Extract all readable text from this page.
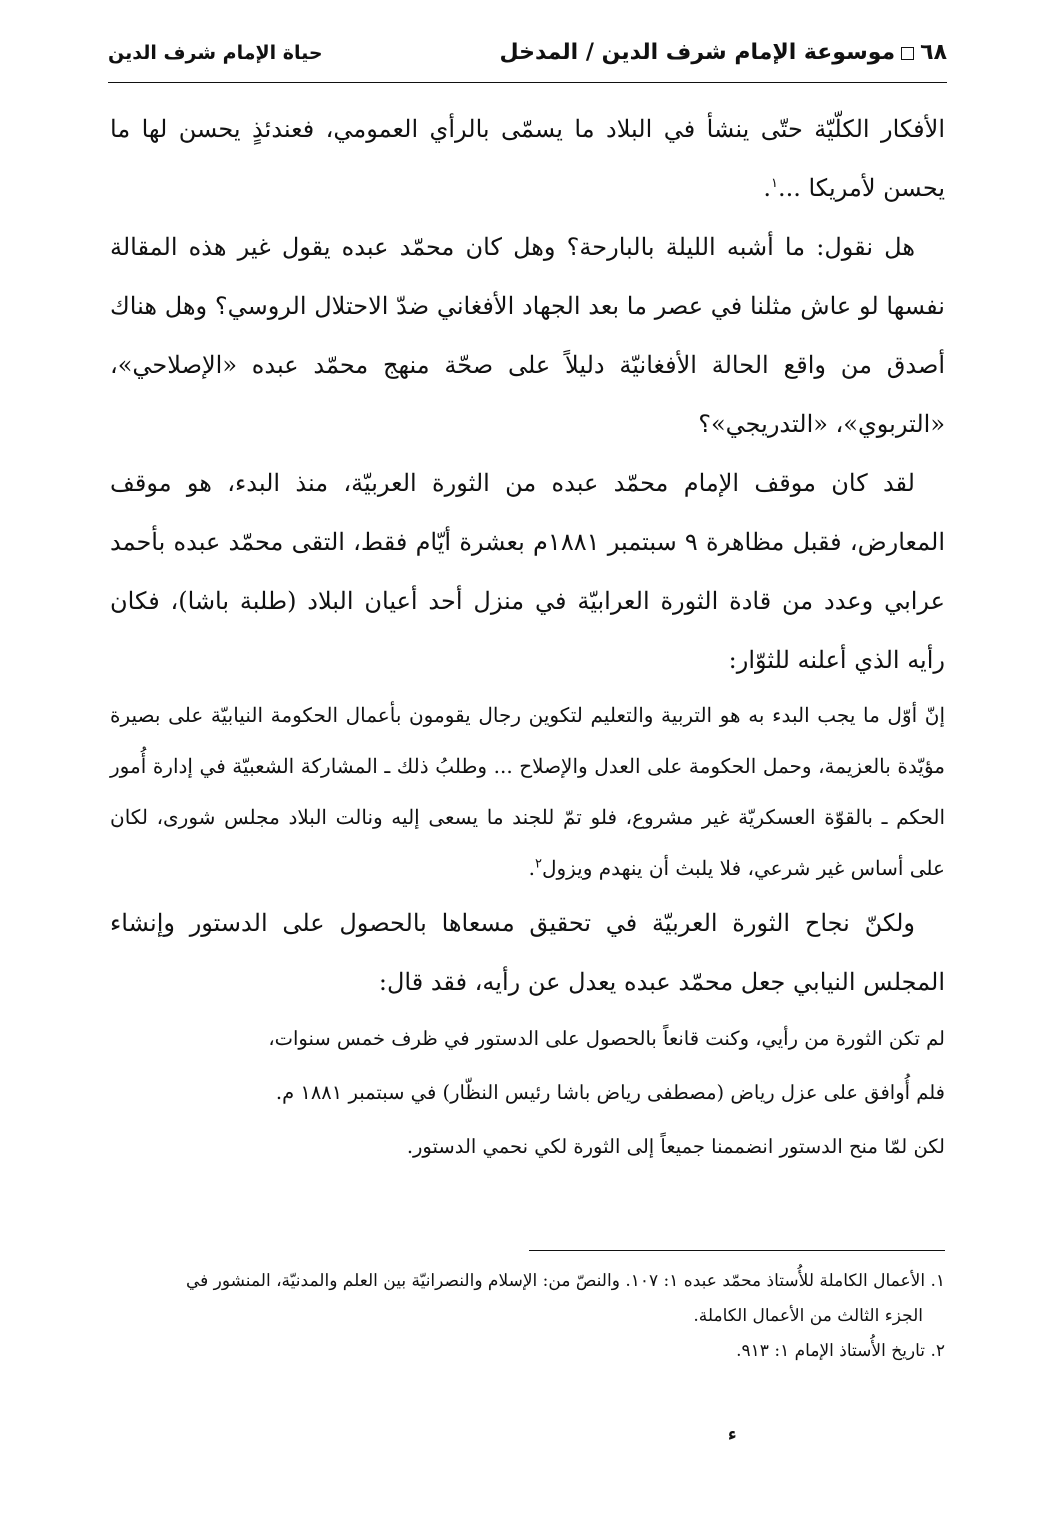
٦٨موسوعة الإمام شرف الدين / المدخل
حياة الإمام شرف الدين

الأفكار الكلّيّة حتّى ينشأ في البلاد ما يسمّى بالرأي العمومي، فعندئذٍ يحسن لها ما يحسن لأمريكا ...$^١$.

هل نقول: ما أشبه الليلة بالبارحة؟ وهل كان محمّد عبده يقول غير هذه المقالة نفسها لو عاش مثلنا في عصر ما بعد الجهاد الأفغاني ضدّ الاحتلال الروسي؟ وهل هناك أصدق من واقع الحالة الأفغانيّة دليلاً على صحّة منهج محمّد عبده «الإصلاحي»، «التربوي»، «التدريجي»؟

لقد كان موقف الإمام محمّد عبده من الثورة العربيّة، منذ البدء، هو موقف المعارض، فقبل مظاهرة ٩ سبتمبر ١٨٨١م بعشرة أيّام فقط، التقى محمّد عبده بأحمد عرابي وعدد من قادة الثورة العرابيّة في منزل أحد أعيان البلاد (طلبة باشا)، فكان رأيه الذي أعلنه للثوّار:

إنّ أوّل ما يجب البدء به هو التربية والتعليم لتكوين رجال يقومون بأعمال الحكومة النيابيّة على بصيرة مؤيّدة بالعزيمة، وحمل الحكومة على العدل والإصلاح ... وطلبُ ذلك ـ المشاركة الشعبيّة في إدارة أُمور الحكم ـ بالقوّة العسكريّة غير مشروع، فلو تمّ للجند ما يسعى إليه ونالت البلاد مجلس شورى، لكان على أساس غير شرعي، فلا يلبث أن ينهدم ويزول$^٢$.

ولكنّ نجاح الثورة العربيّة في تحقيق مسعاها بالحصول على الدستور وإنشاء المجلس النيابي جعل محمّد عبده يعدل عن رأيه، فقد قال:

لم تكن الثورة من رأيي، وكنت قانعاً بالحصول على الدستور في ظرف خمس سنوات،

فلم أُوافق على عزل رياض (مصطفى رياض باشا رئيس النظّار) في سبتمبر ١٨٨١ م.

لكن لمّا منح الدستور انضممنا جميعاً إلى الثورة لكي نحمي الدستور.

١. الأعمال الكاملة للأُستاذ محمّد عبده ١: ١٠٧. والنصّ من: الإسلام والنصرانيّة بين العلم والمدنيّة، المنشور في

الجزء الثالث من الأعمال الكاملة.

٢. تاريخ الأُستاذ الإمام ١: ٩١٣.

ء
